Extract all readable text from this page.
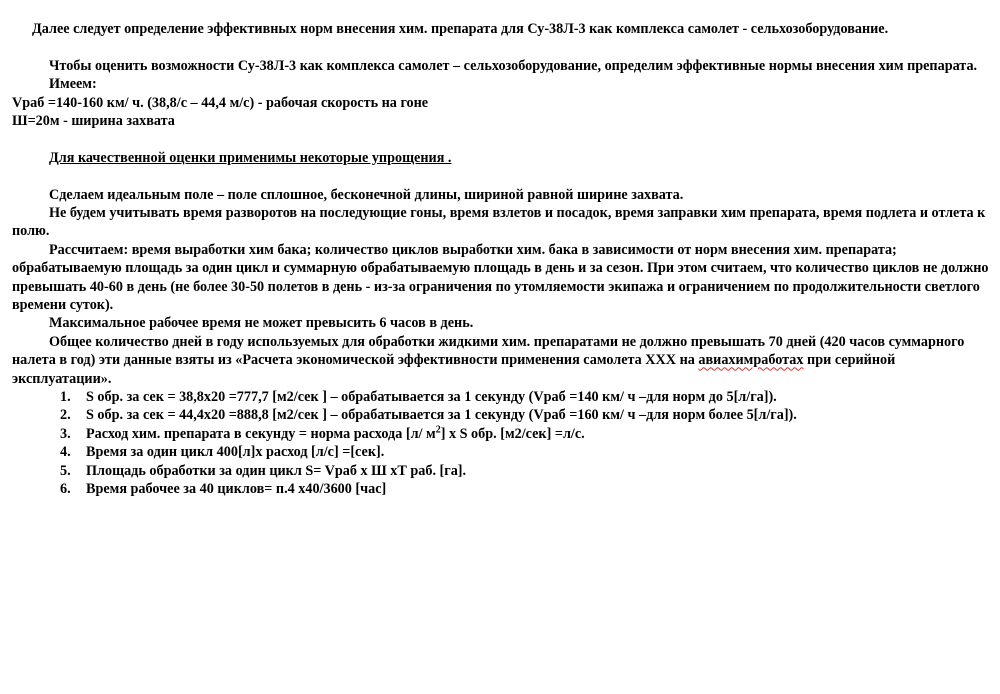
Далее следует определение эффективных норм внесения хим. препарата для Су-38Л-3 как комплекса самолет - сельхозоборудование.

Чтобы оценить возможности Су-38Л-3 как комплекса самолет – сельхозоборудование, определим эффективные нормы внесения хим препарата.

Имеем:

Vраб =140-160 км/ ч. (38,8/с – 44,4 м/с) - рабочая скорость на гоне

Ш=20м - ширина захвата

Для качественной оценки применимы некоторые упрощения .

Сделаем идеальным поле – поле сплошное, бесконечной длины, шириной равной ширине захвата.

Не будем учитывать время разворотов на последующие гоны, время взлетов и посадок, время заправки хим препарата, время подлета и отлета к полю.

Рассчитаем: время выработки хим бака; количество циклов выработки хим. бака в зависимости от норм внесения хим. препарата; обрабатываемую площадь за один цикл и суммарную обрабатываемую площадь в день и за сезон. При этом считаем, что количество циклов не должно превышать 40-60 в день (не более 30-50 полетов в день - из-за ограничения по утомляемости экипажа и ограничением по продолжительности светлого времени суток).

Максимальное рабочее время не может превысить 6 часов в день.

Общее количество дней в году используемых для обработки жидкими хим. препаратами не должно превышать 70 дней (420 часов суммарного налета в год) эти данные взяты из «Расчета экономической эффективности применения самолета ХХХ на авиахимработах при серийной эксплуатации».

1.	S обр. за сек = 38,8х20 =777,7 [м2/сек ] – обрабатывается за 1 секунду (Vраб =140 км/ ч –для норм до 5[л/га]).
2.	S обр. за сек = 44,4х20 =888,8 [м2/сек ] – обрабатывается за 1 секунду (Vраб =160 км/ ч –для норм более 5[л/га]).
3.	Расход хим. препарата в секунду = норма расхода [л/ $м^2$] х S обр. [м2/сек] =л/с.
4.	Время за один цикл 400[л]х расход [л/с] =[сек].
5.	Площадь обработки за один цикл S= Vраб х Ш хТ раб. [га].
6.	Время рабочее за 40 циклов= п.4 х40/3600 [час]
